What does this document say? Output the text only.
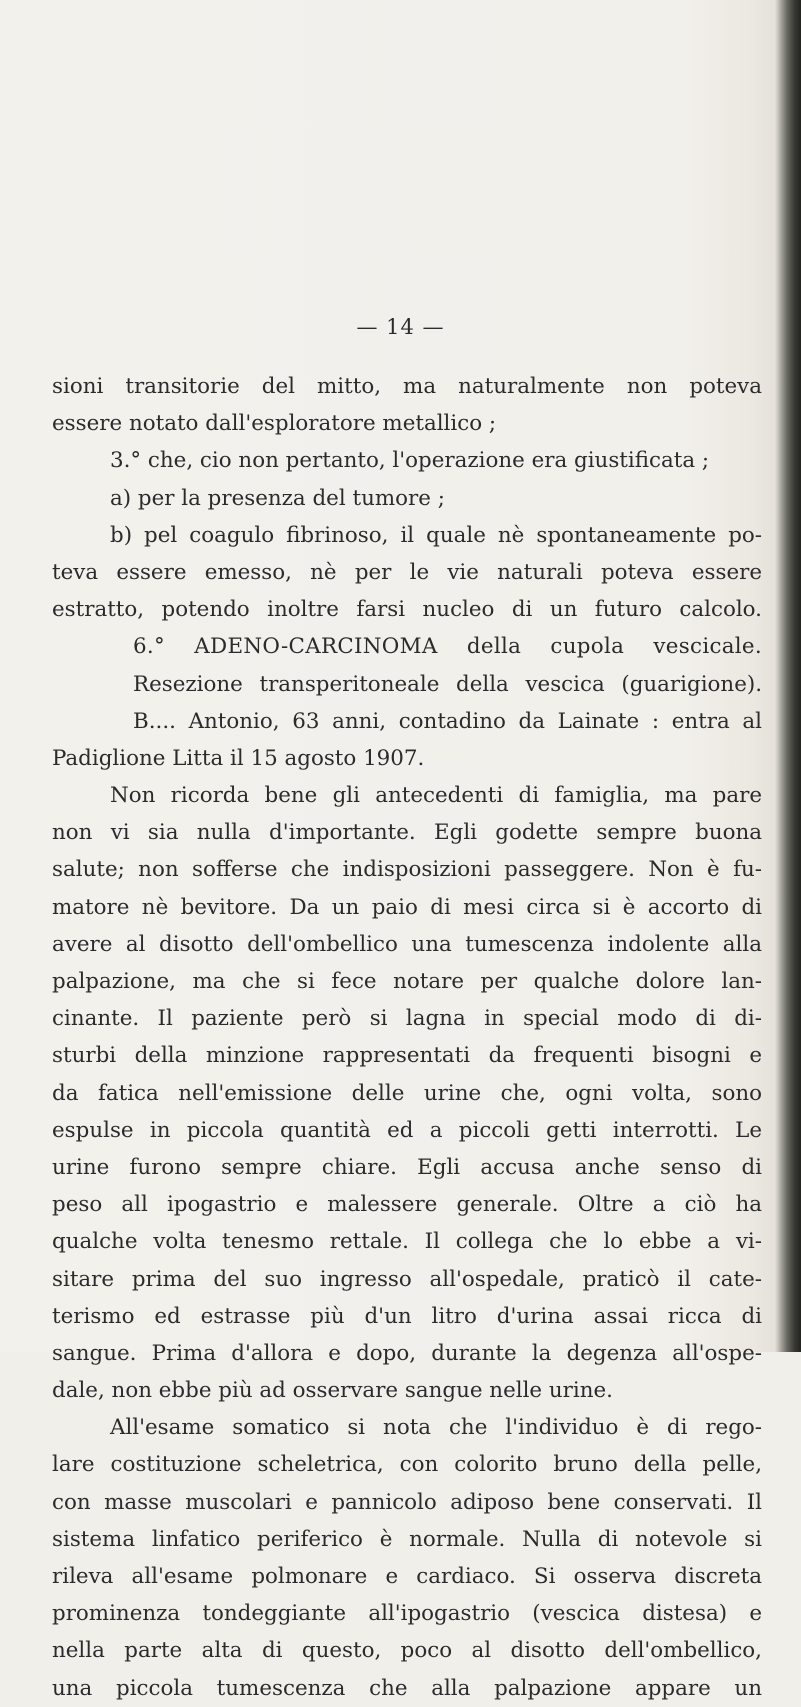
— 14 —
sioni transitorie del mitto, ma naturalmente non poteva
essere notato dall'esploratore metallico ;
3.° che, cio non pertanto, l'operazione era giustificata ;
a) per la presenza del tumore ;
b) pel coagulo fibrinoso, il quale nè spontaneamente po-
teva essere emesso, nè per le vie naturali poteva essere
estratto, potendo inoltre farsi nucleo di un futuro calcolo.
6.° ADENO-CARCINOMA della cupola vescicale.
Resezione transperitoneale della vescica (guarigione).
B.... Antonio, 63 anni, contadino da Lainate : entra al
Padiglione Litta il 15 agosto 1907.
Non ricorda bene gli antecedenti di famiglia, ma pare
non vi sia nulla d'importante. Egli godette sempre buona
salute; non sofferse che indisposizioni passeggere. Non è fu-
matore nè bevitore. Da un paio di mesi circa si è accorto di
avere al disotto dell'ombellico una tumescenza indolente alla
palpazione, ma che si fece notare per qualche dolore lan-
cinante. Il paziente però si lagna in special modo di di-
sturbi della minzione rappresentati da frequenti bisogni e
da fatica nell'emissione delle urine che, ogni volta, sono
espulse in piccola quantità ed a piccoli getti interrotti. Le
urine furono sempre chiare. Egli accusa anche senso di
peso all ipogastrio e malessere generale. Oltre a ciò ha
qualche volta tenesmo rettale. Il collega che lo ebbe a vi-
sitare prima del suo ingresso all'ospedale, praticò il cate-
terismo ed estrasse più d'un litro d'urina assai ricca di
sangue. Prima d'allora e dopo, durante la degenza all'ospe-
dale, non ebbe più ad osservare sangue nelle urine.
All'esame somatico si nota che l'individuo è di rego-
lare costituzione scheletrica, con colorito bruno della pelle,
con masse muscolari e pannicolo adiposo bene conservati. Il
sistema linfatico periferico è normale. Nulla di notevole si
rileva all'esame polmonare e cardiaco. Si osserva discreta
prominenza tondeggiante all'ipogastrio (vescica distesa) e
nella parte alta di questo, poco al disotto dell'ombellico,
una piccola tumescenza che alla palpazione appare un
